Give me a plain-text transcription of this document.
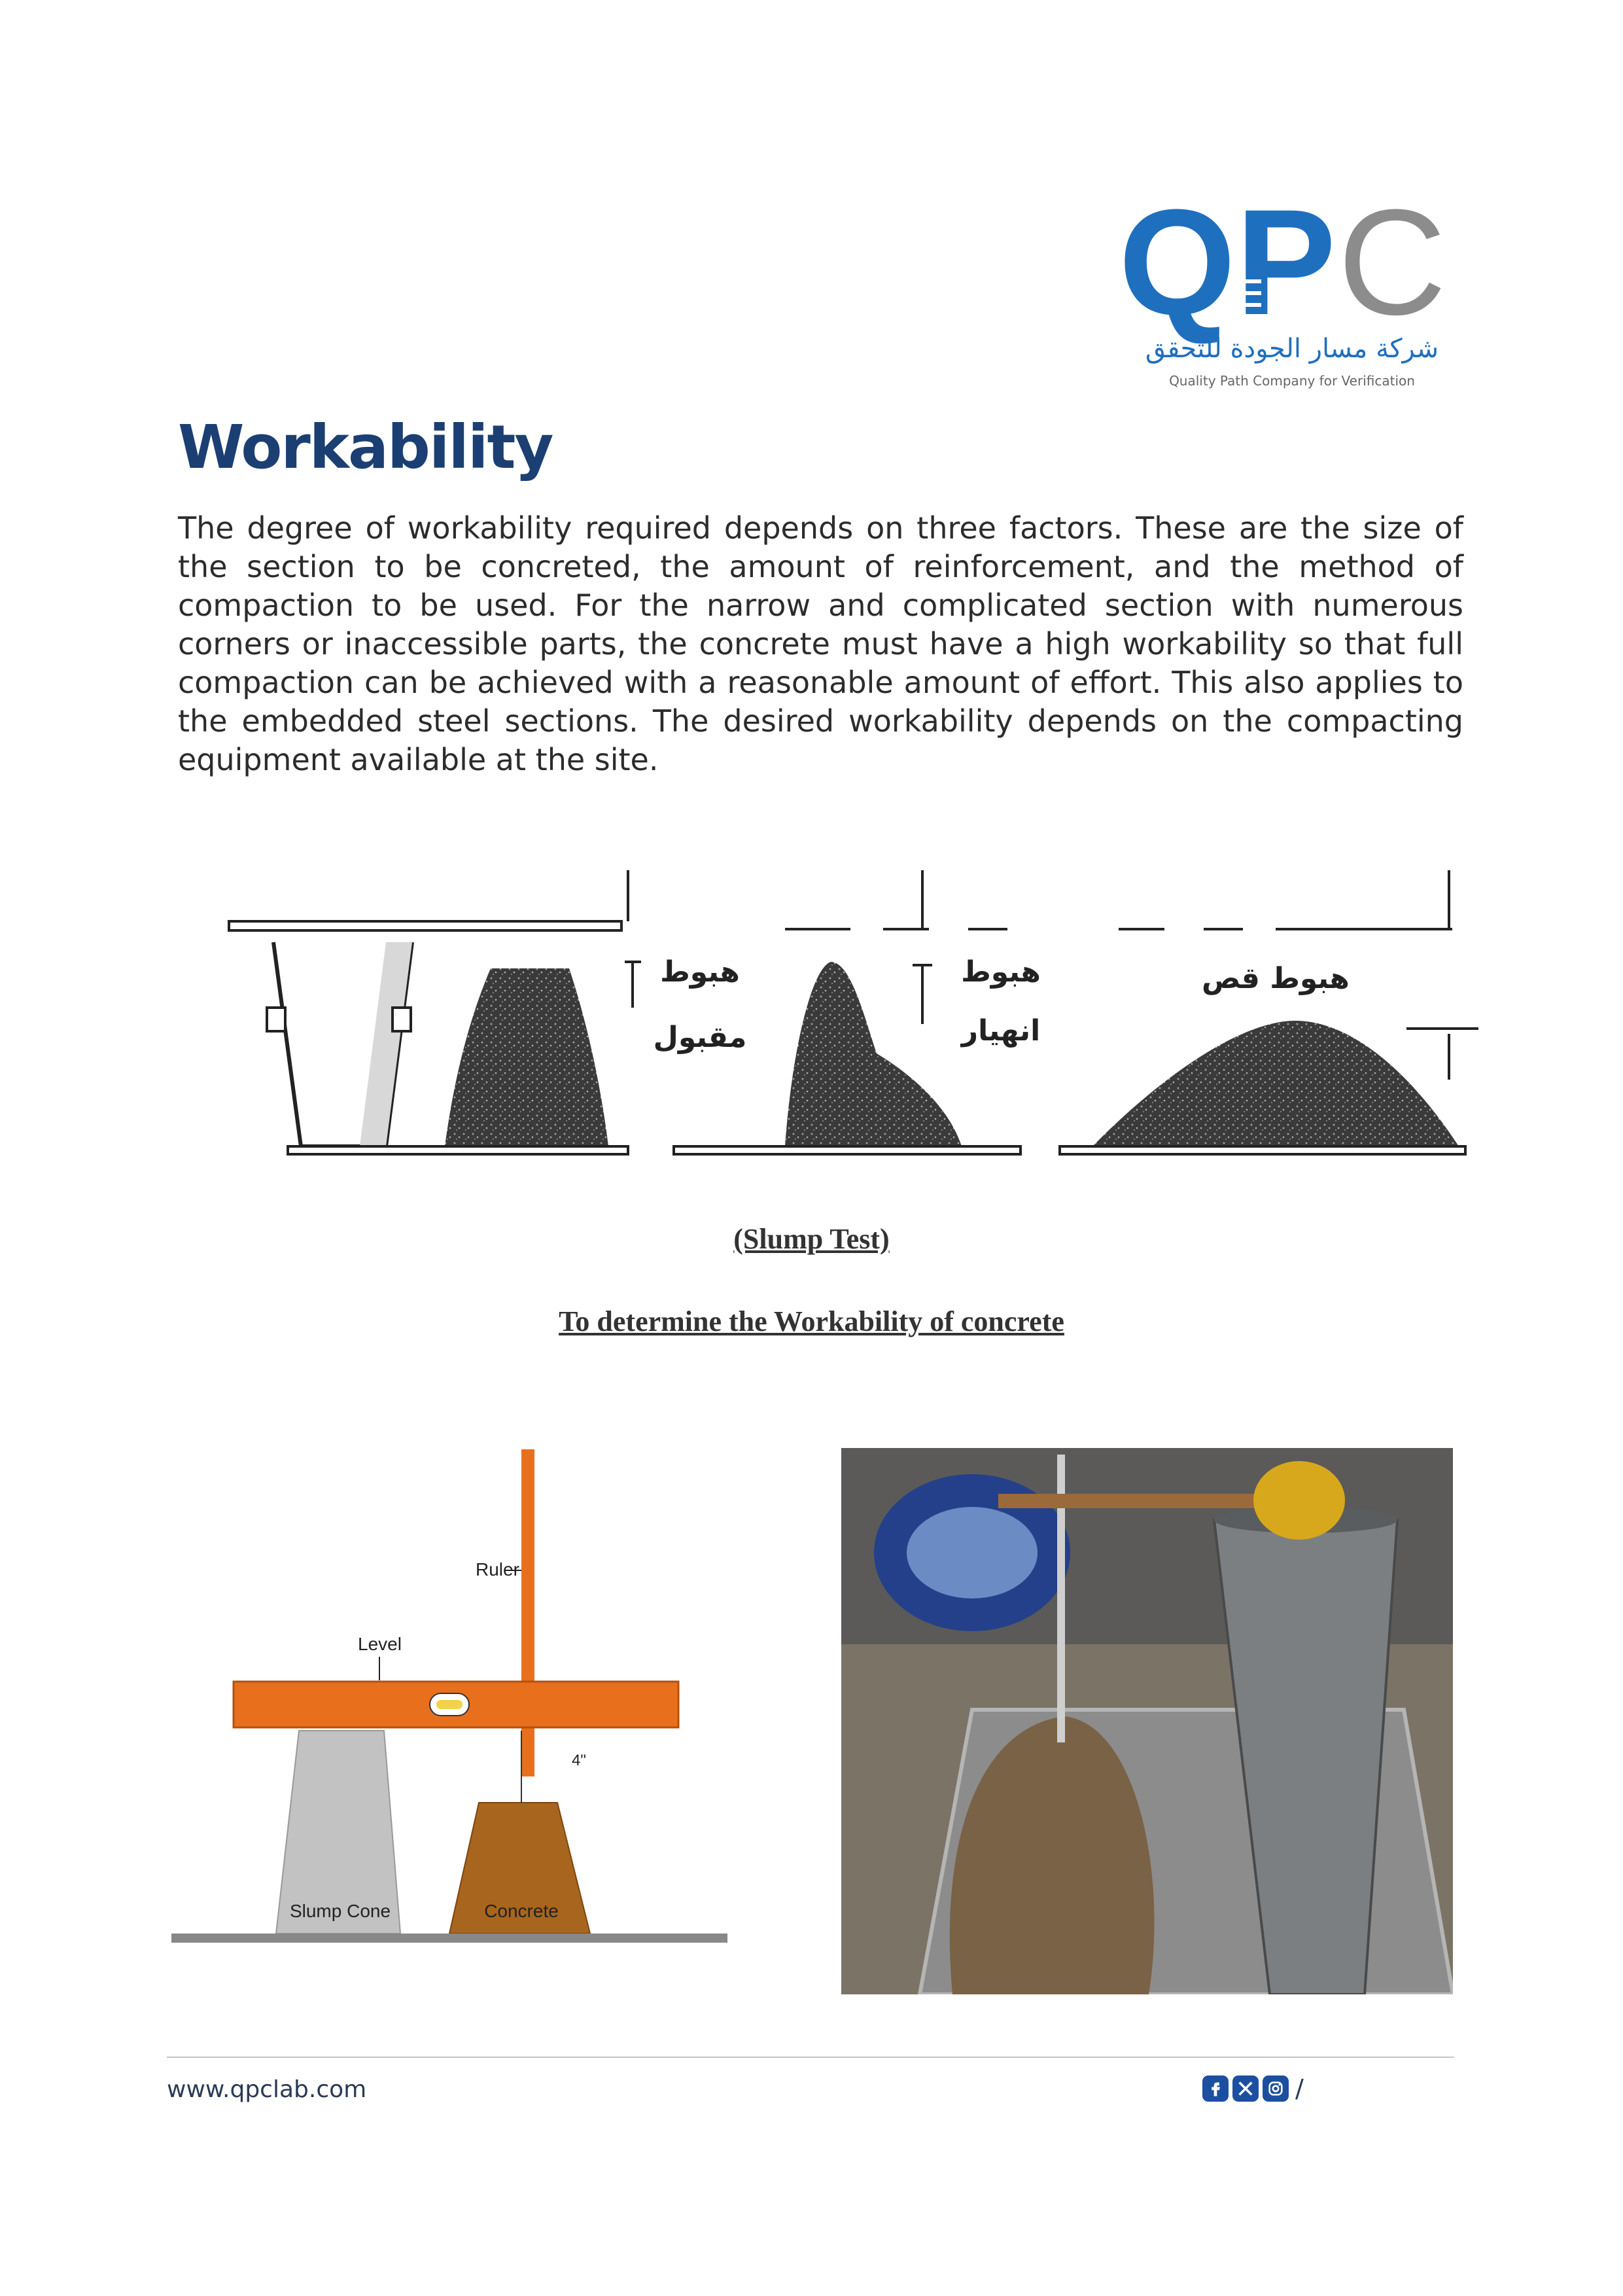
QP C
شركة مسار الجودة للتحقق
Quality Path Company for Verification
Workability

The degree of workability required depends on three factors. These are the size of the section to be concreted, the amount of reinforcement, and the method of compaction to be used. For the narrow and complicated section with numerous corners or inaccessible parts, the concrete must have a high workability so that full compaction can be achieved with a reasonable amount of effort. This also applies to the embedded steel sections. The desired workability depends on the compacting equipment available at the site.

هبوط
مقبول
هبوط
انهيار
هبوط قص
(Slump Test)
To determine the Workability of concrete
Ruler
Level
4"
Slump Cone	Concrete
www.qpclab.com	/
